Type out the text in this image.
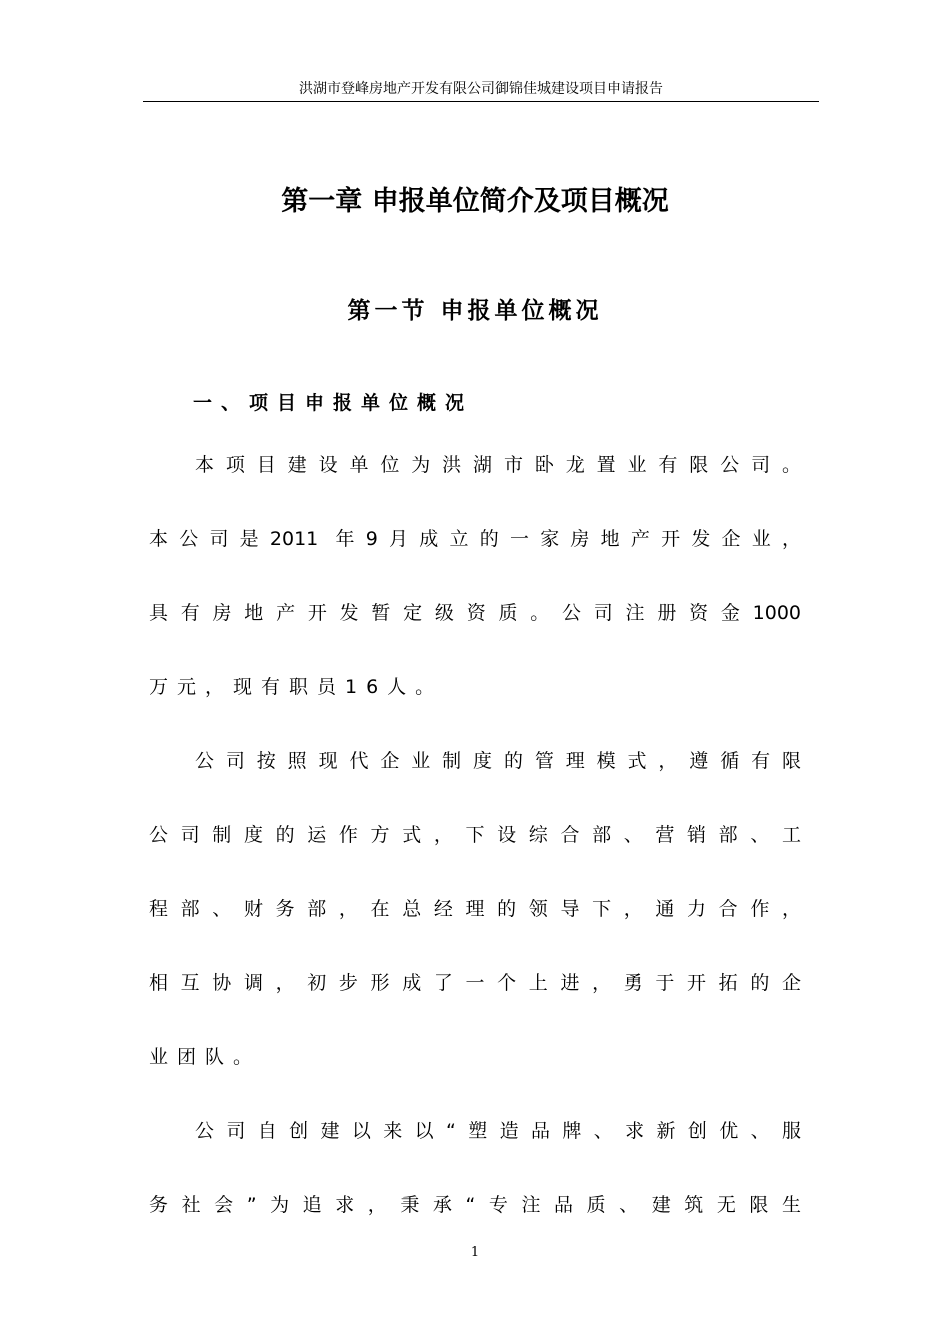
洪湖市登峰房地产开发有限公司御锦佳城建设项目申请报告
第一章 申报单位简介及项目概况
第一节 申报单位概况
一、项目申报单位概况
本项目建设单位为洪湖市卧龙置业有限公司。
本公司是2011 年9月成立的一家房地产开发企业，
具有房地产开发暂定级资质。公司注册资金1000
万元，现有职员16人。
公司按照现代企业制度的管理模式，遵循有限
公司制度的运作方式，下设综合部、营销部、工
程部、财务部，在总经理的领导下，通力合作，
相互协调，初步形成了一个上进，勇于开拓的企
业团队。
公司自创建以来以“塑造品牌、求新创优、服
务社会”为追求，秉承“专注品质、建筑无限生
1
